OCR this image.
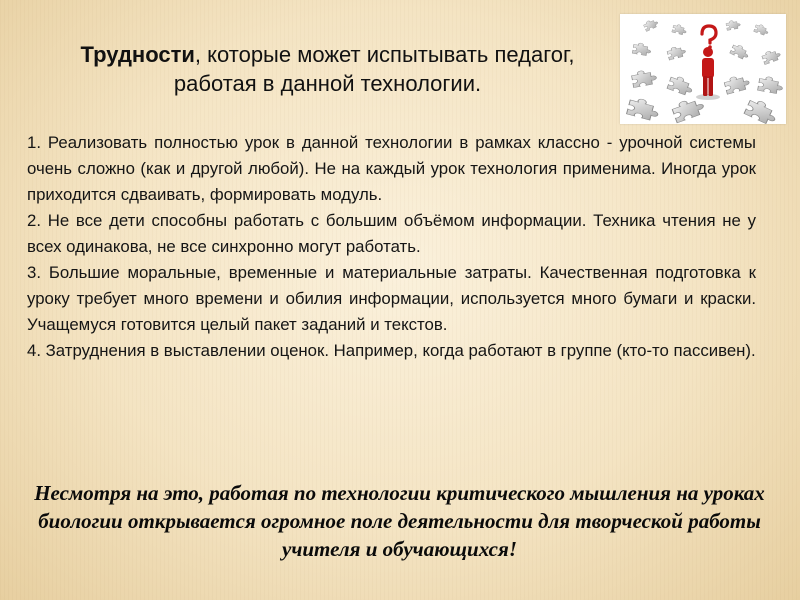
Трудности, которые может испытывать педагог,
работая в данной технологии.

1. Реализовать полностью урок в данной технологии в рамках классно - урочной системы очень сложно (как и другой любой). Не на каждый урок технология применима. Иногда урок приходится сдваивать, формировать модуль.

2. Не все дети способны работать с большим объёмом информации. Техника чтения не у всех одинакова, не все синхронно могут работать.

3. Большие моральные, временные и материальные затраты. Качественная подготовка к уроку требует много времени и обилия информации, используется много бумаги и краски. Учащемуся готовится целый пакет заданий и текстов.

4. Затруднения в выставлении оценок. Например, когда работают в группе (кто-то пассивен).

Несмотря на это, работая по технологии критического мышления на уроках биологии открывается огромное поле деятельности для творческой работы учителя и обучающихся!
